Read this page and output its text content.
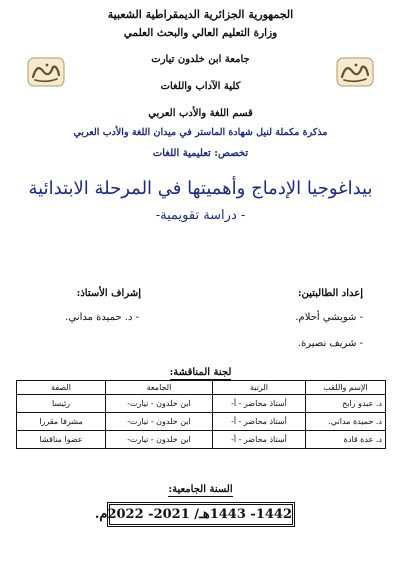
الجمهورية الجزائرية الديمقراطية الشعبية
وزارة التعليم العالي والبحث العلمي
جامعة ابن خلدون تيارت
كلية الآداب واللغات
قسم اللغة والأدب العربي
مذكرة مكملة لنيل شهادة الماستر في ميدان اللغة والأدب العربي
تخصص: تعليمية اللغات
بيداغوجيا الإدماج وأهميتها في المرحلة الابتدائية
- دراسة تقويمية-
إعداد الطالبتين:
- شويشي أحلام.
- شريف نصيرة.
إشراف الأستاذ:
- د. حميدة مداني.
لجنة المناقشة:
الإسم واللقب	الرتبة	الجامعة	الصفة
د. عبدو رابح	أستاذ محاضر - أ-	ابن خلدون - تيارت-	رئيسا
د. حميدة مداني.	أستاذ محاضر - أ-	ابن خلدون - تيارت-	مشرفا مقررا
د. عدة قادة	أستاذ محاضر - أ-	ابن خلدون - تيارت-	عضوا مناقشا
السنة الجامعية:
1442- 1443هـ/ 2021- 2022م.
